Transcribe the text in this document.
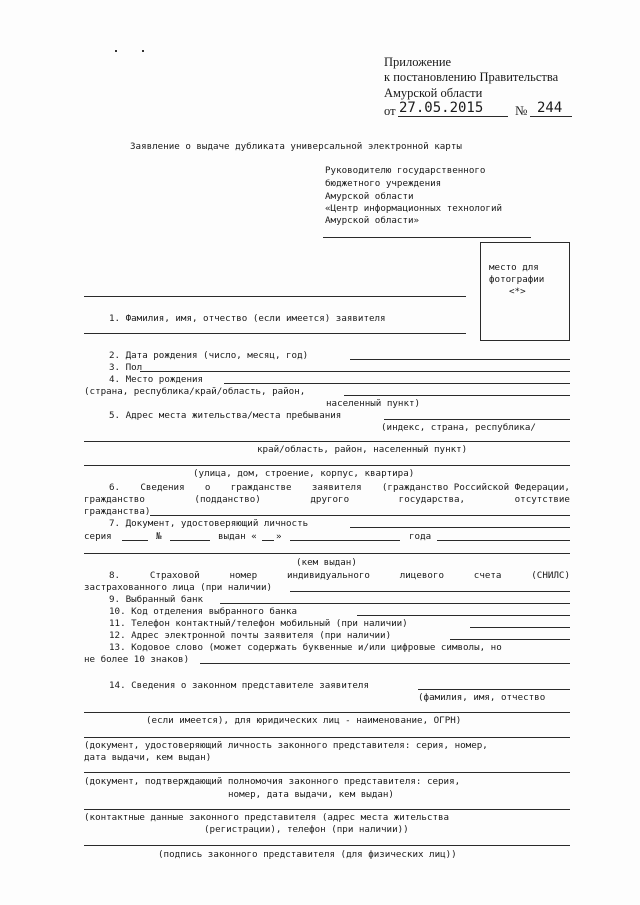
Приложение
к постановлению Правительства
Амурской области
от 27.05.2015 № 244
Заявление о выдаче дубликата универсальной электронной карты
Руководителю государственного
бюджетного учреждения
Амурской области
«Центр информационных технологий
Амурской области»
место для
фотографии
<*>
1. Фамилия, имя, отчество (если имеется) заявителя
2. Дата рождения (число, месяц, год)
3. Пол
4. Место рождения
(страна, республика/край/область, район,
населенный пункт)
5. Адрес места жительства/места пребывания
(индекс, страна, республика/
край/область, район, населенный пункт)
(улица, дом, строение, корпус, квартира)
6. Сведения о гражданстве заявителя (гражданство Российской Федерации,
гражданство	(подданство)	другого	государства,	отсутствие
гражданства)
7. Документ, удостоверяющий личность
серия	№	выдан « »	года
(кем выдан)
8.	Страховой	номер	индивидуального	лицевого	счета	(СНИЛС)
застрахованного лица (при наличии)
9. Выбранный банк
10. Код отделения выбранного банка
11. Телефон контактный/телефон мобильный (при наличии)
12. Адрес электронной почты заявителя (при наличии)
13. Кодовое слово (может содержать буквенные и/или цифровые символы, но
не более 10 знаков)
14. Сведения о законном представителе заявителя
(фамилия, имя, отчество
(если имеется), для юридических лиц - наименование, ОГРН)
(документ, удостоверяющий личность законного представителя: серия, номер,
дата выдачи, кем выдан)
(документ, подтверждающий полномочия законного представителя: серия,
номер, дата выдачи, кем выдан)
(контактные данные законного представителя (адрес места жительства
(регистрации), телефон (при наличии))
(подпись законного представителя (для физических лиц))
